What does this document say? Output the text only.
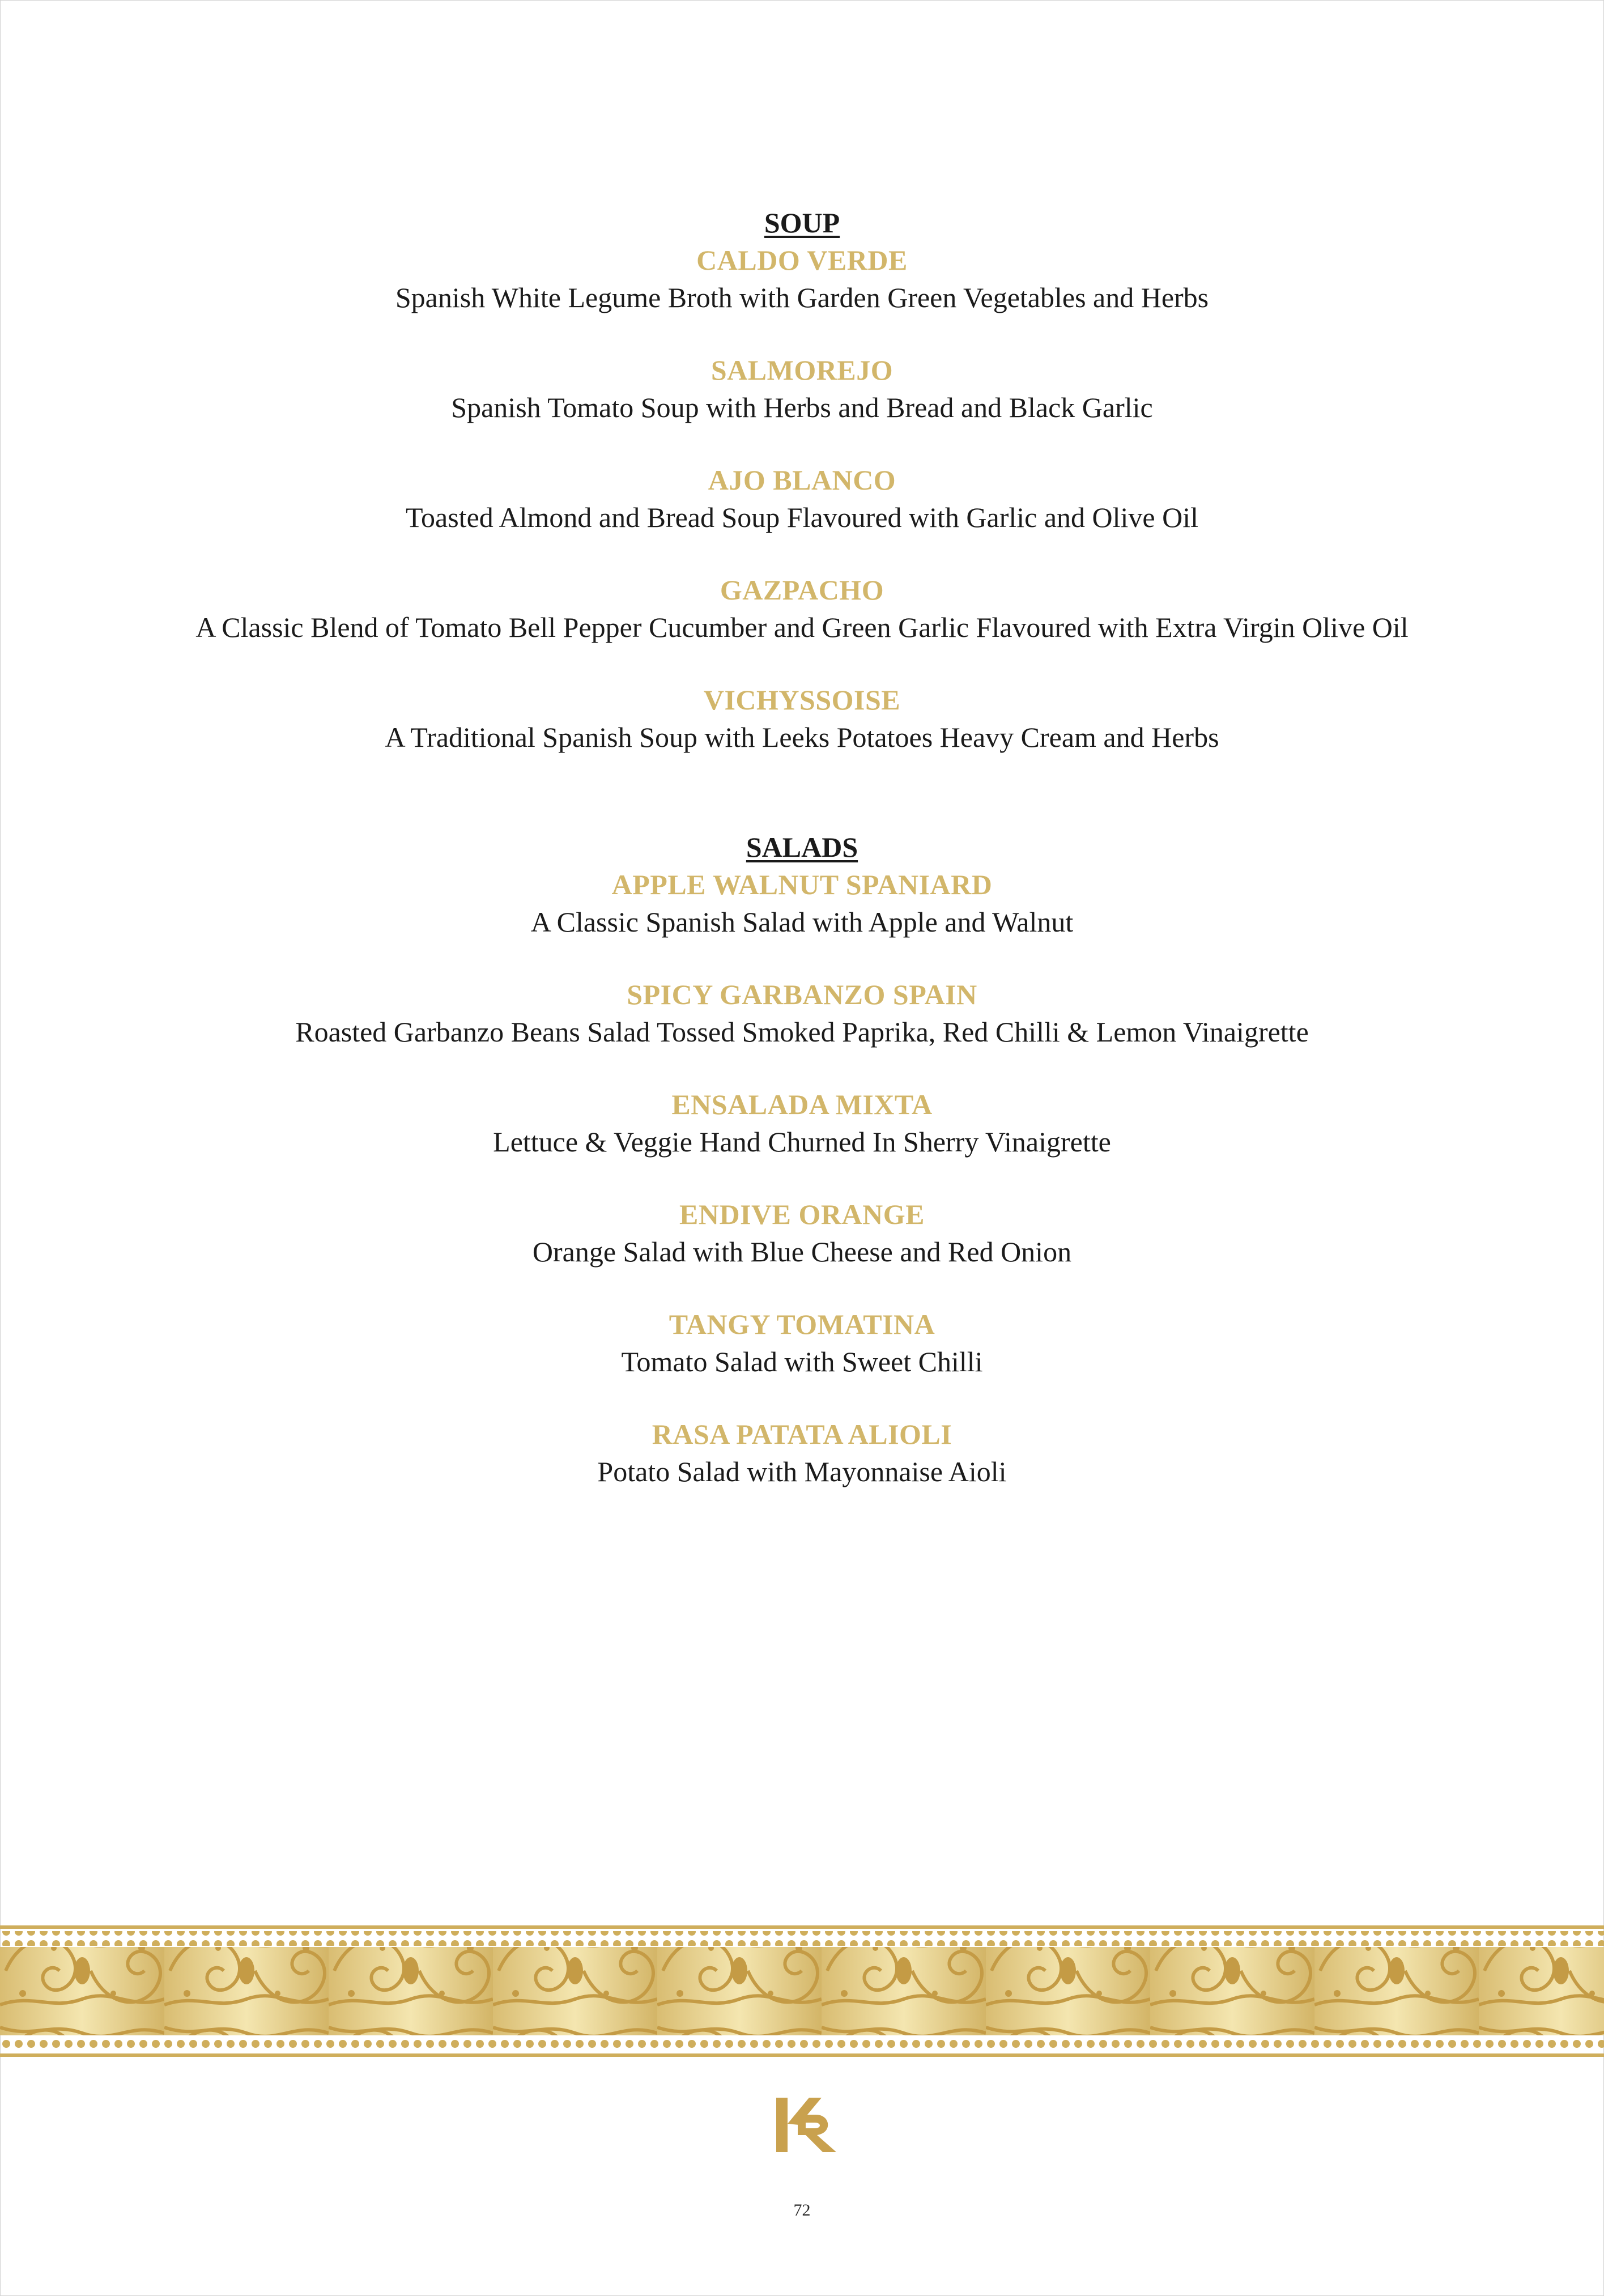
SOUP
CALDO VERDE
Spanish White Legume Broth with Garden Green Vegetables and Herbs
SALMOREJO
Spanish Tomato Soup with Herbs and Bread and Black Garlic
AJO BLANCO
Toasted Almond and Bread Soup Flavoured with Garlic and Olive Oil
GAZPACHO
A Classic Blend of Tomato Bell Pepper Cucumber and Green Garlic Flavoured with Extra Virgin Olive Oil
VICHYSSOISE
A Traditional Spanish Soup with Leeks Potatoes Heavy Cream and Herbs
SALADS
APPLE WALNUT SPANIARD
A Classic Spanish Salad with Apple and Walnut
SPICY GARBANZO SPAIN
Roasted Garbanzo Beans Salad Tossed Smoked Paprika, Red Chilli & Lemon Vinaigrette
ENSALADA MIXTA
Lettuce & Veggie Hand Churned In Sherry Vinaigrette
ENDIVE ORANGE
Orange Salad with Blue Cheese and Red Onion
TANGY TOMATINA
Tomato Salad with Sweet Chilli
RASA PATATA ALIOLI
Potato Salad with Mayonnaise Aioli
72
